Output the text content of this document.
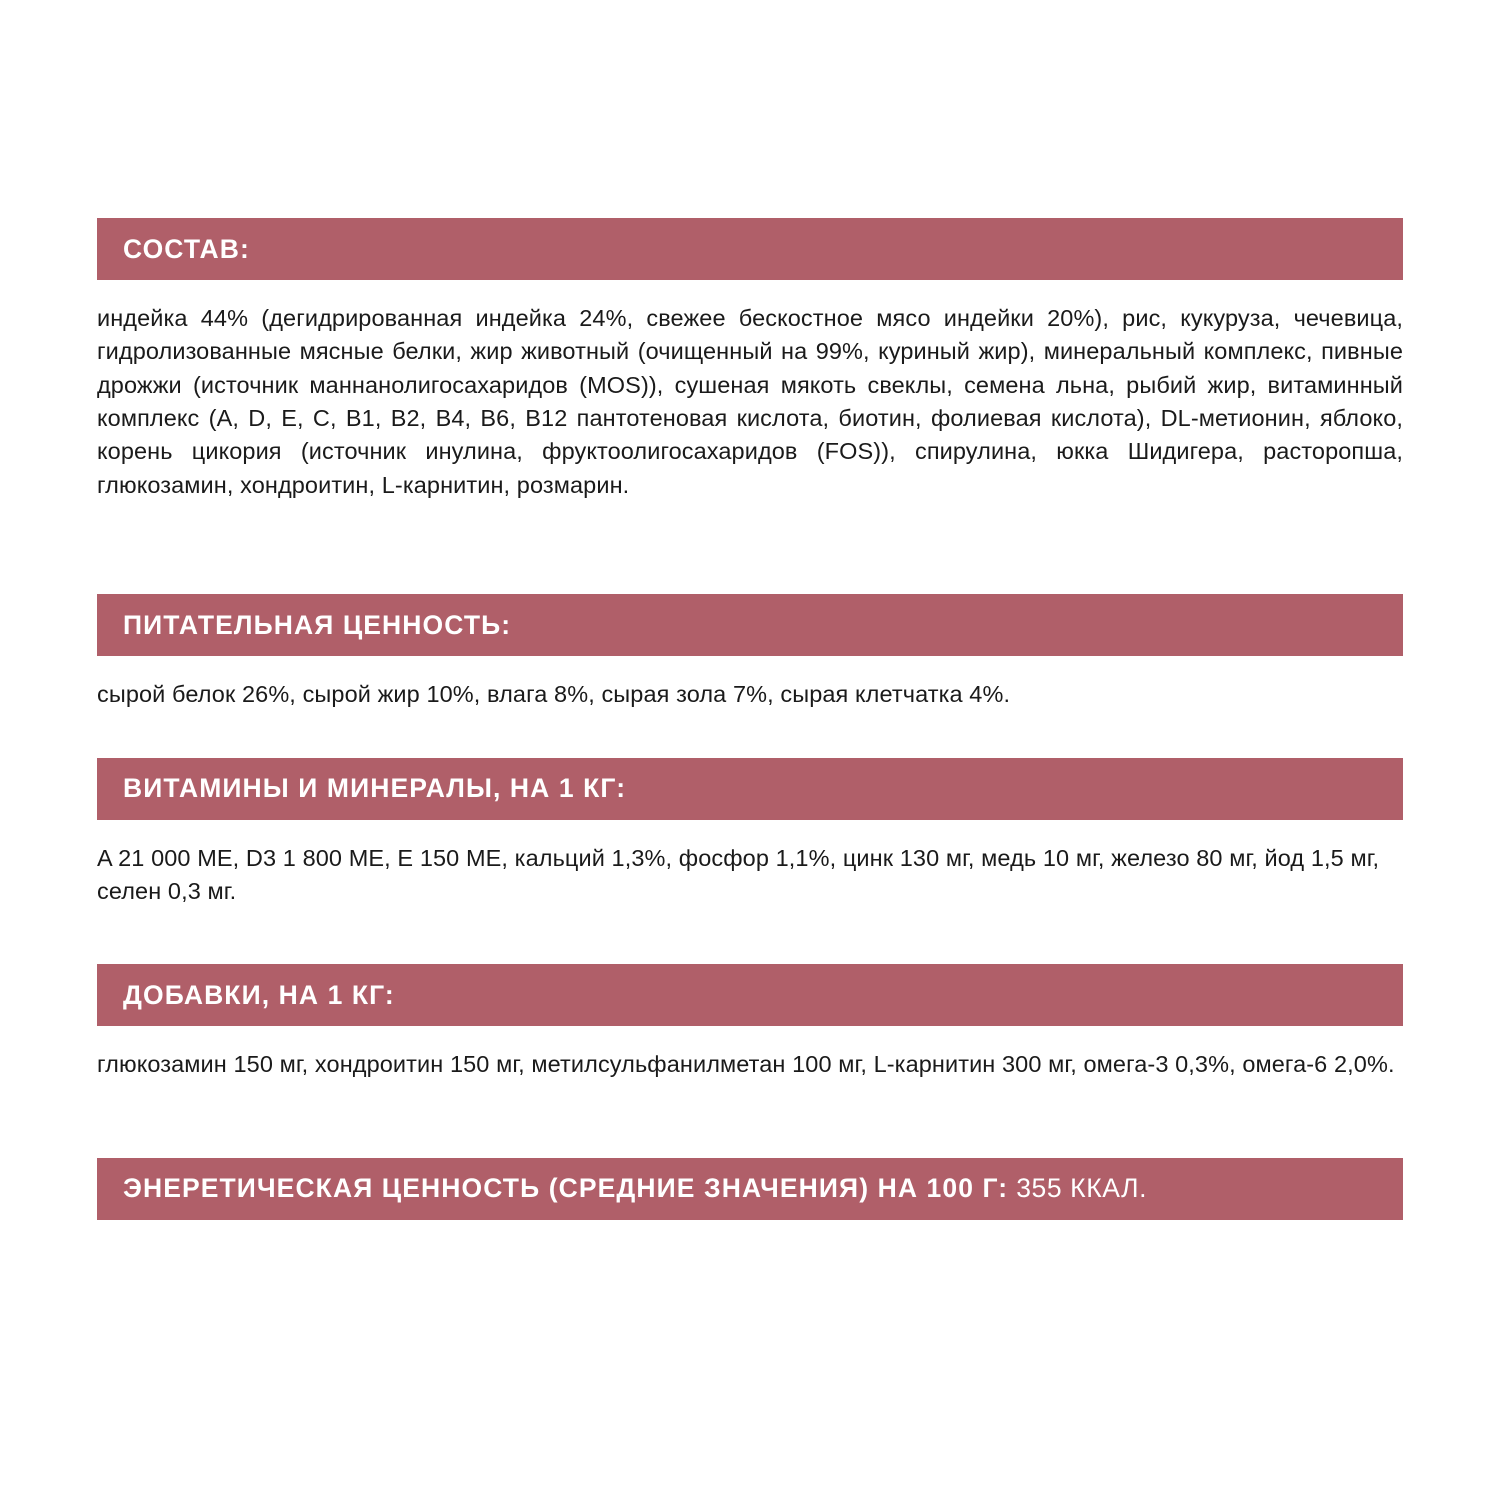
СОСТАВ:
индейка 44% (дегидрированная индейка 24%, свежее бескостное мясо индейки 20%), рис, кукуруза, чечевица, гидролизованные мясные белки, жир животный (очищенный на 99%, куриный жир), минеральный комплекс, пивные дрожжи (источник маннанолигосахаридов (MOS)), сушеная мякоть свеклы, семена льна, рыбий жир, витаминный комплекс (A, D, E, C, B1, B2, B4, B6, B12 пантотеновая кислота, биотин, фолиевая кислота), DL-метионин, яблоко, корень цикория (источник инулина, фруктоолигосахаридов (FOS)), спирулина, юкка Шидигера, расторопша, глюкозамин, хондроитин, L-карнитин, розмарин.
ПИТАТЕЛЬНАЯ ЦЕННОСТЬ:
сырой белок 26%, сырой жир 10%, влага 8%, сырая зола 7%, сырая клетчатка 4%.
ВИТАМИНЫ И МИНЕРАЛЫ, НА 1 КГ:
A 21 000 МЕ, D3 1 800 МЕ, E 150 МЕ, кальций 1,3%, фосфор 1,1%, цинк 130 мг, медь 10 мг, железо 80 мг, йод 1,5 мг, селен 0,3 мг.
ДОБАВКИ, НА 1 КГ:
глюкозамин 150 мг, хондроитин 150 мг, метилсульфанилметан 100 мг, L-карнитин 300 мг, омега-3 0,3%, омега-6 2,0%.
ЭНЕРЕТИЧЕСКАЯ ЦЕННОСТЬ (СРЕДНИЕ ЗНАЧЕНИЯ) НА 100 Г: 355 ККАЛ.
